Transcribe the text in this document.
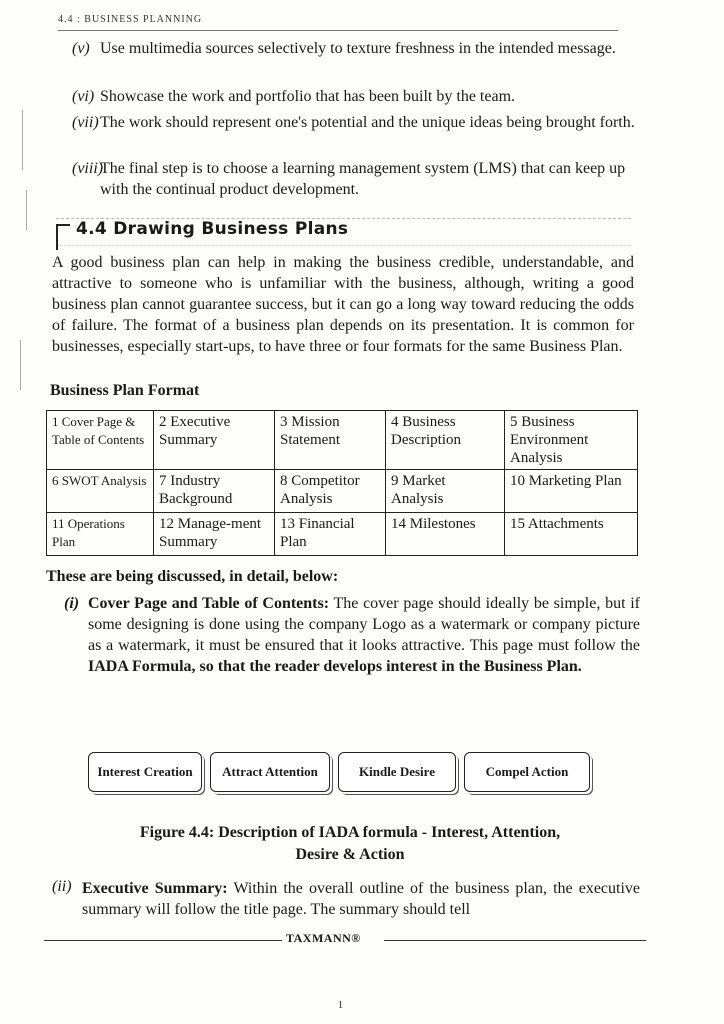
4.4 : BUSINESS PLANNING
(v) Use multimedia sources selectively to texture freshness in the intended message.
(vi) Showcase the work and portfolio that has been built by the team.
(vii) The work should represent one's potential and the unique ideas being brought forth.
(viii)
The final step is to choose a learning management system (LMS) that can keep up with the continual product development.
4.4 Drawing Business Plans
A good business plan can help in making the business credible, understandable, and attractive to someone who is unfamiliar with the business, although, writing a good business plan cannot guarantee success, but it can go a long way toward reducing the odds of failure. The format of a business plan depends on its presentation. It is common for businesses, especially start-ups, to have three or four formats for the same Business Plan.
Business Plan Format
1 Cover Page & Table of Contents	2 Executive Summary	3 Mission Statement	4 Business Description	5 Business Environment Analysis
6 SWOT Analysis	7 Industry Background	8 Competitor Analysis	9 Market Analysis	10 Marketing Plan
11 Operations Plan	12 Manage-ment Summary	13 Financial Plan	14 Milestones	15 Attachments
These are being discussed, in detail, below:
(i) Cover Page and Table of Contents: The cover page should ideally be simple, but if some designing is done using the company Logo as a watermark or company picture as a watermark, it must be ensured that it looks attractive. This page must follow the IADA Formula, so that the reader develops interest in the Business Plan.
Interest Creation	Attract Attention	Kindle Desire	Compel Action
Figure 4.4: Description of IADA formula - Interest, Attention,
Desire & Action
(ii) Executive Summary: Within the overall outline of the business plan, the executive summary will follow the title page. The summary should tell
TAXMANN®
1
